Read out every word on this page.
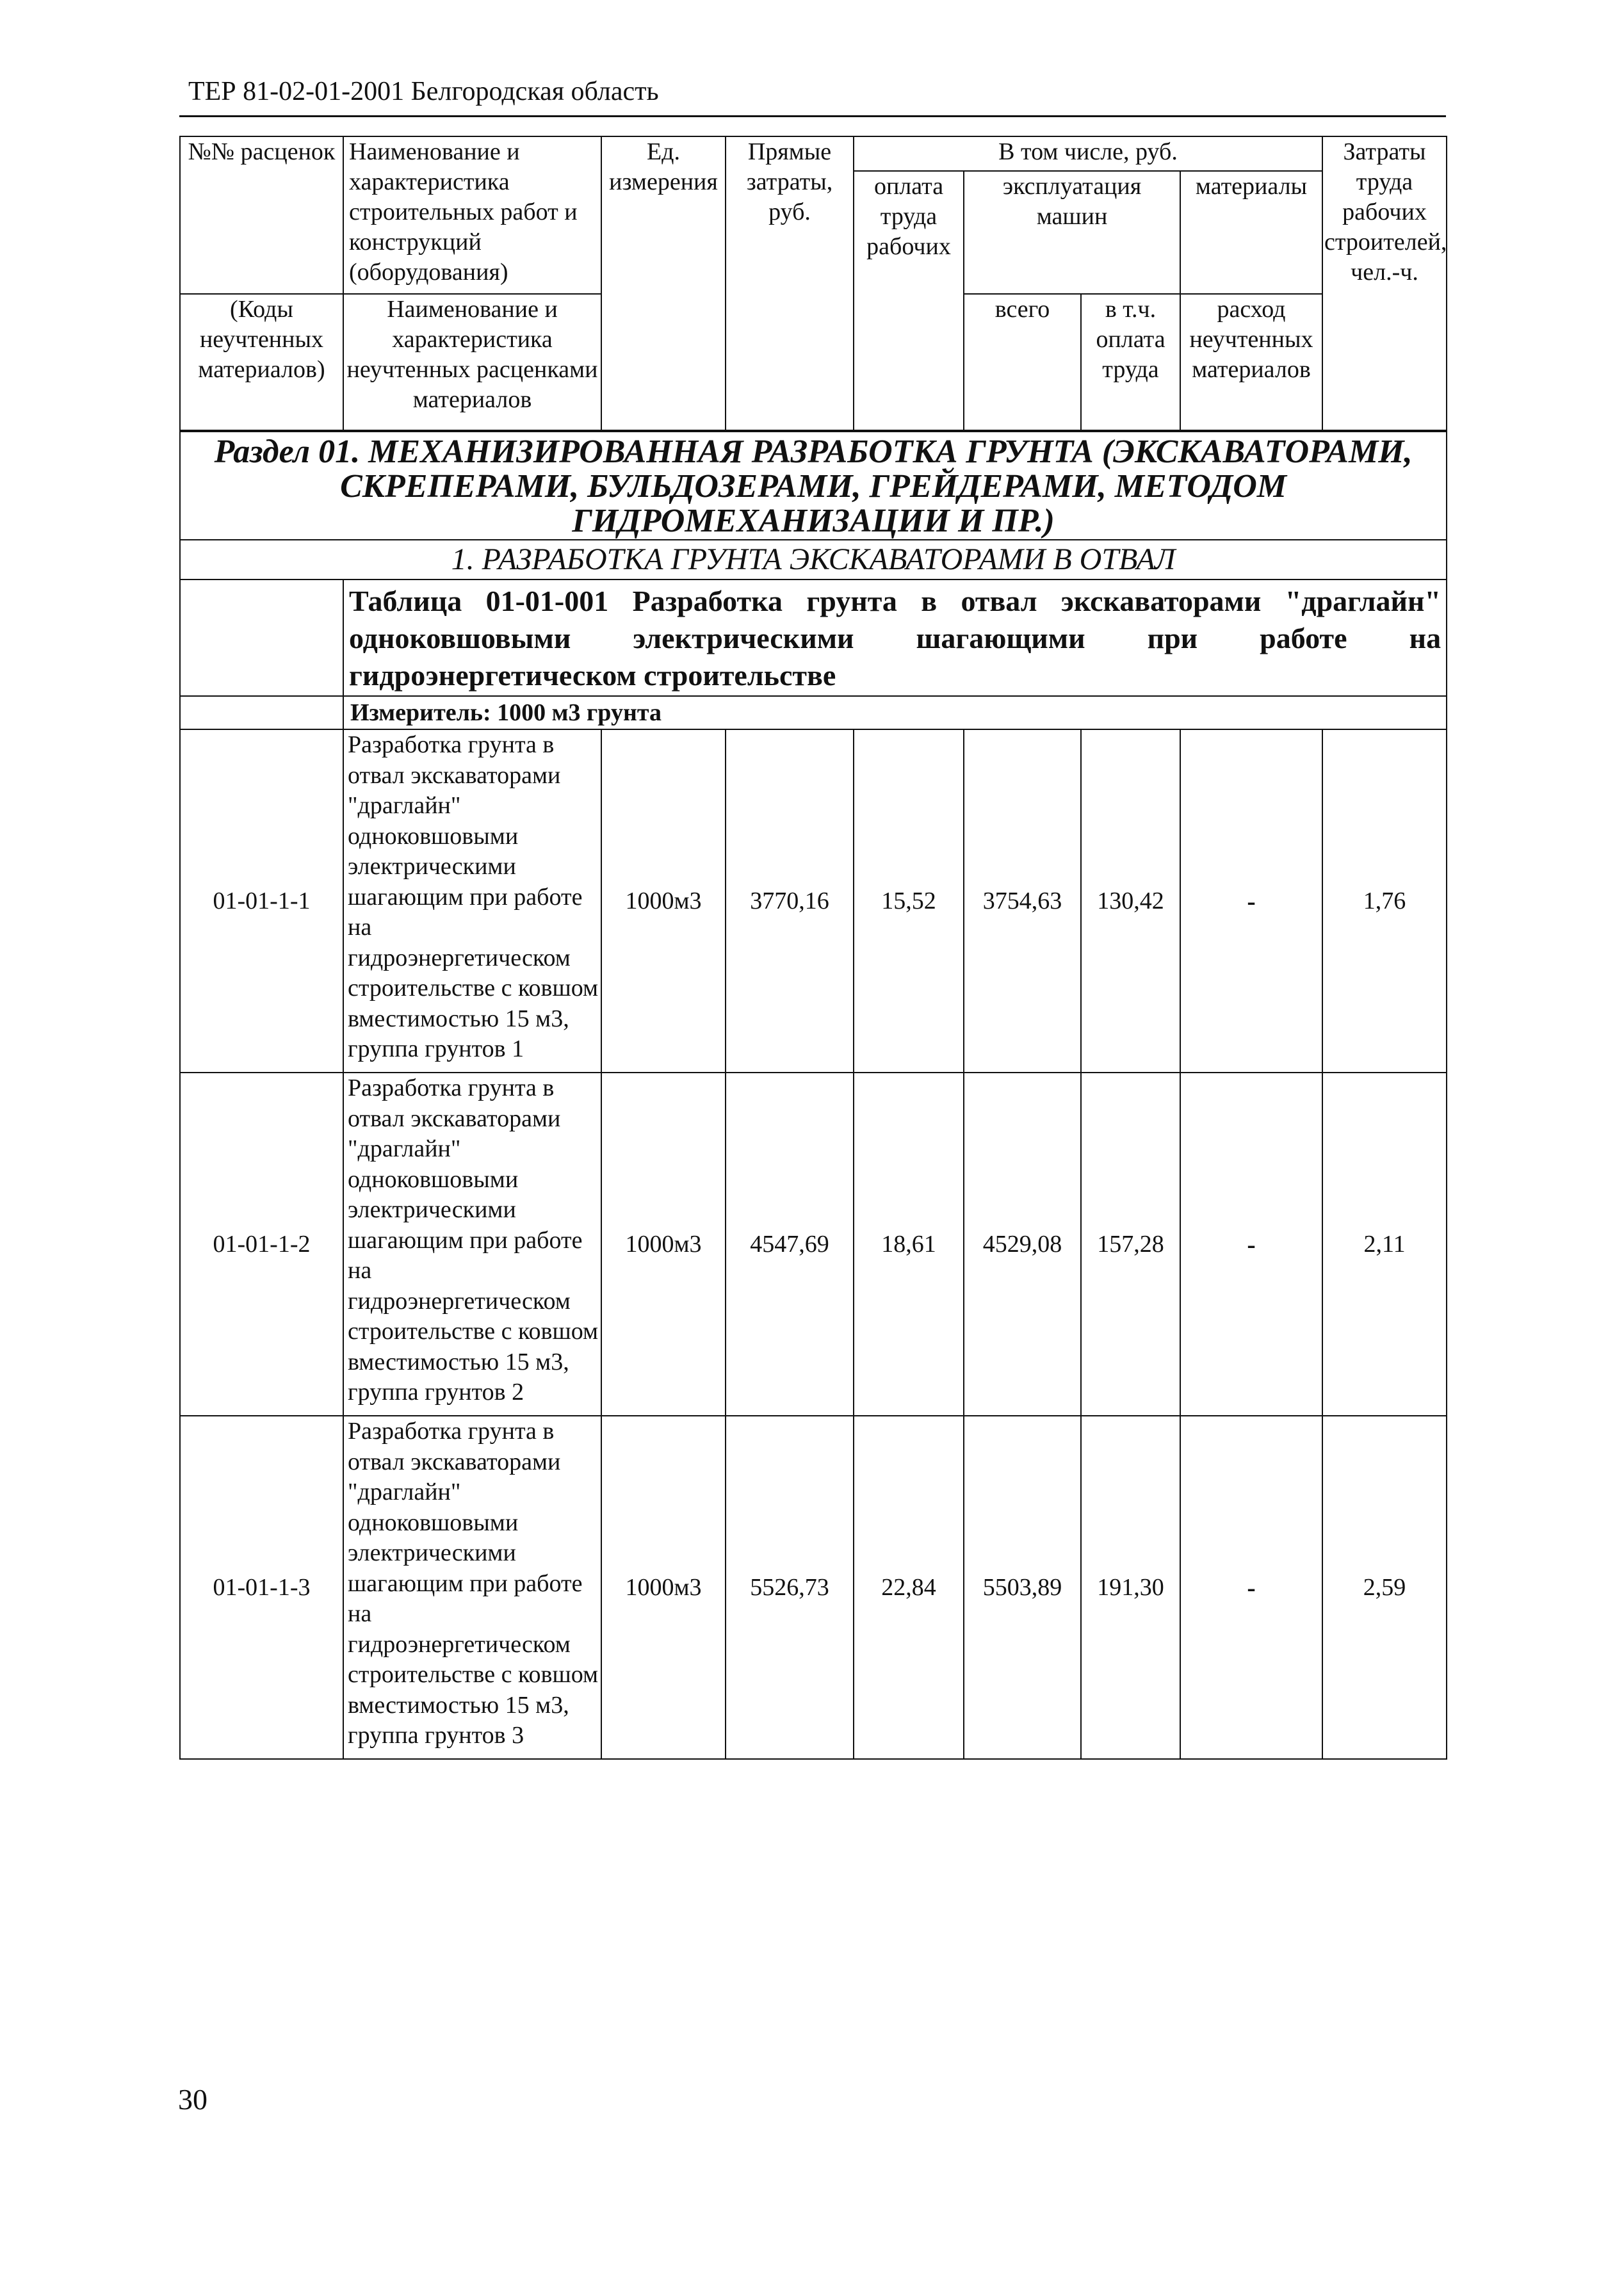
ТЕР 81-02-01-2001 Белгородская область
№№ расценок	Наименование и характеристика строительных работ и конструкций (оборудования)	Ед. измерения	Прямые затраты, руб.	В том числе, руб.				Затраты труда рабочих строителей, чел.-ч.
				оплата труда рабочих	эксплуатация машин		материалы	
(Коды неучтенных материалов)	Наименование и характеристика неучтенных расценками материалов				всего	в т.ч. оплата труда	расход неучтенных материалов	
Раздел 01. МЕХАНИЗИРОВАННАЯ РАЗРАБОТКА ГРУНТА (ЭКСКАВАТОРАМИ, СКРЕПЕРАМИ, БУЛЬДОЗЕРАМИ, ГРЕЙДЕРАМИ, МЕТОДОМ ГИДРОМЕХАНИЗАЦИИ И ПР.)								
1. РАЗРАБОТКА ГРУНТА ЭКСКАВАТОРАМИ В ОТВАЛ								
	Таблица 01-01-001 Разработка грунта в отвал экскаваторами "драглайн" одноковшовыми электрическими шагающими при работе на гидроэнергетическом строительстве							
	Измеритель: 1000 м3 грунта							
01-01-1-1	Разработка грунта в отвал экскаваторами "драглайн" одноковшовыми электрическими шагающим при работе на гидроэнергетическом строительстве с ковшом вместимостью 15 м3, группа грунтов 1	1000м3	3770,16	15,52	3754,63	130,42	-	1,76
01-01-1-2	Разработка грунта в отвал экскаваторами "драглайн" одноковшовыми электрическими шагающим при работе на гидроэнергетическом строительстве с ковшом вместимостью 15 м3, группа грунтов 2	1000м3	4547,69	18,61	4529,08	157,28	-	2,11
01-01-1-3	Разработка грунта в отвал экскаваторами "драглайн" одноковшовыми электрическими шагающим при работе на гидроэнергетическом строительстве с ковшом вместимостью 15 м3, группа грунтов 3	1000м3	5526,73	22,84	5503,89	191,30	-	2,59
30
